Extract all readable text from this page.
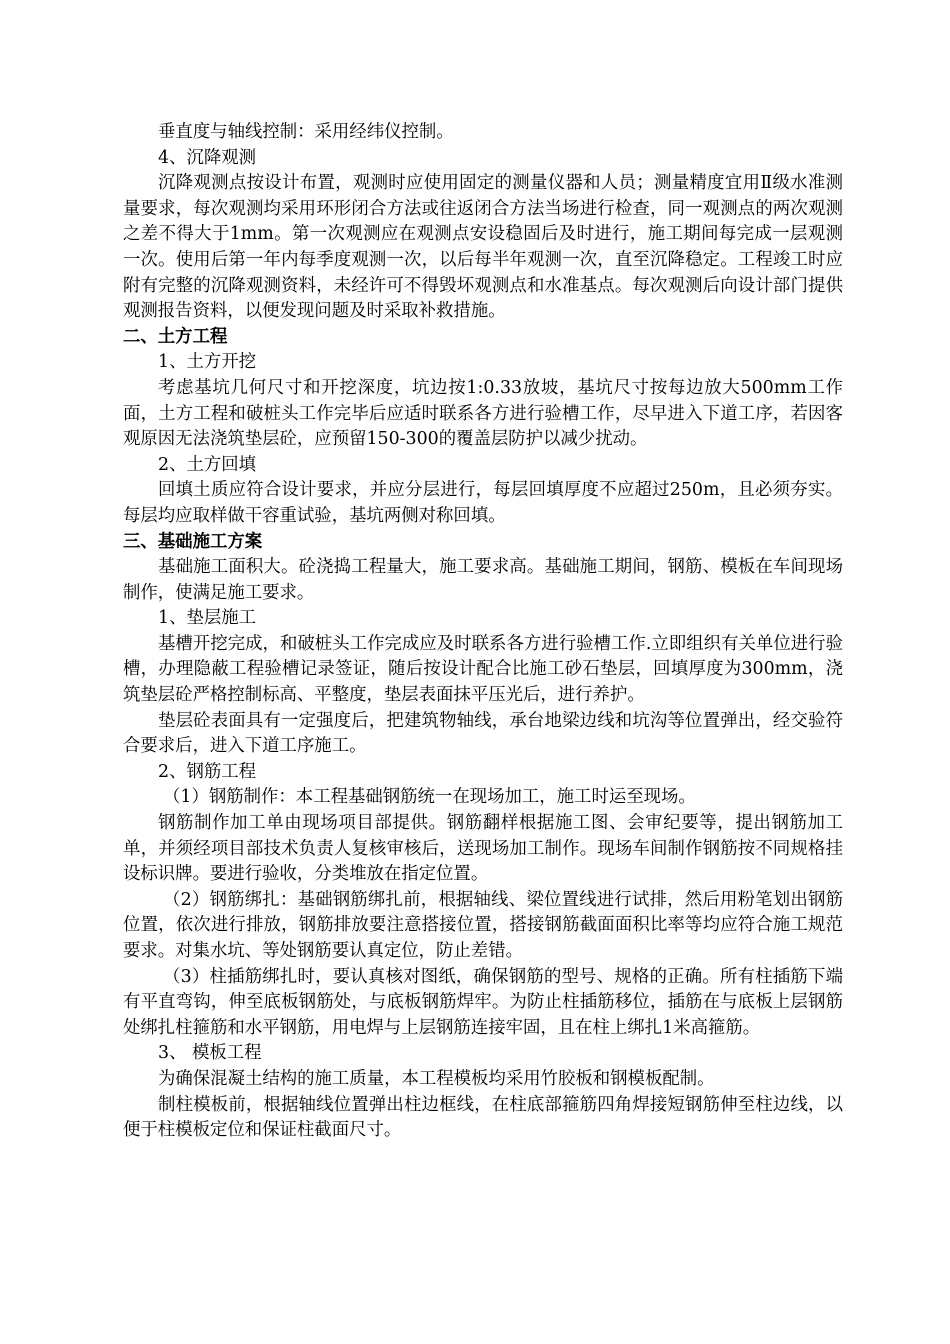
垂直度与轴线控制：采用经纬仪控制。

4、沉降观测

沉降观测点按设计布置，观测时应使用固定的测量仪器和人员；测量精度宜用Ⅱ级水准测量要求，每次观测均采用环形闭合方法或往返闭合方法当场进行检查，同一观测点的两次观测之差不得大于1mm。第一次观测应在观测点安设稳固后及时进行，施工期间每完成一层观测一次。使用后第一年内每季度观测一次，以后每半年观测一次，直至沉降稳定。工程竣工时应附有完整的沉降观测资料，未经许可不得毁坏观测点和水准基点。每次观测后向设计部门提供观测报告资料，以便发现问题及时采取补救措施。

二、土方工程

1、土方开挖

考虑基坑几何尺寸和开挖深度，坑边按1:0.33放坡，基坑尺寸按每边放大500mm工作面，土方工程和破桩头工作完毕后应适时联系各方进行验槽工作，尽早进入下道工序，若因客观原因无法浇筑垫层砼，应预留150-300的覆盖层防护以减少扰动。

2、土方回填

回填土质应符合设计要求，并应分层进行，每层回填厚度不应超过250m，且必须夯实。每层均应取样做干容重试验，基坑两侧对称回填。

三、基础施工方案

基础施工面积大。砼浇捣工程量大，施工要求高。基础施工期间，钢筋、模板在车间现场制作，使满足施工要求。

1、垫层施工

基槽开挖完成，和破桩头工作完成应及时联系各方进行验槽工作.立即组织有关单位进行验槽，办理隐蔽工程验槽记录签证，随后按设计配合比施工砂石垫层，回填厚度为300mm，浇筑垫层砼严格控制标高、平整度，垫层表面抹平压光后，进行养护。

垫层砼表面具有一定强度后，把建筑物轴线，承台地梁边线和坑沟等位置弹出，经交验符合要求后，进入下道工序施工。

2、钢筋工程

（1）钢筋制作：本工程基础钢筋统一在现场加工，施工时运至现场。

钢筋制作加工单由现场项目部提供。钢筋翻样根据施工图、会审纪要等，提出钢筋加工单，并须经项目部技术负责人复核审核后，送现场加工制作。现场车间制作钢筋按不同规格挂设标识牌。要进行验收，分类堆放在指定位置。

（2）钢筋绑扎：基础钢筋绑扎前，根据轴线、梁位置线进行试排，然后用粉笔划出钢筋位置，依次进行排放，钢筋排放要注意搭接位置，搭接钢筋截面面积比率等均应符合施工规范要求。对集水坑、等处钢筋要认真定位，防止差错。

（3）柱插筋绑扎时，要认真核对图纸，确保钢筋的型号、规格的正确。所有柱插筋下端有平直弯钩，伸至底板钢筋处，与底板钢筋焊牢。为防止柱插筋移位，插筋在与底板上层钢筋处绑扎柱箍筋和水平钢筋，用电焊与上层钢筋连接牢固，且在柱上绑扎1米高箍筋。

3、 模板工程

为确保混凝土结构的施工质量，本工程模板均采用竹胶板和钢模板配制。

制柱模板前，根据轴线位置弹出柱边框线，在柱底部箍筋四角焊接短钢筋伸至柱边线，以便于柱模板定位和保证柱截面尺寸。
